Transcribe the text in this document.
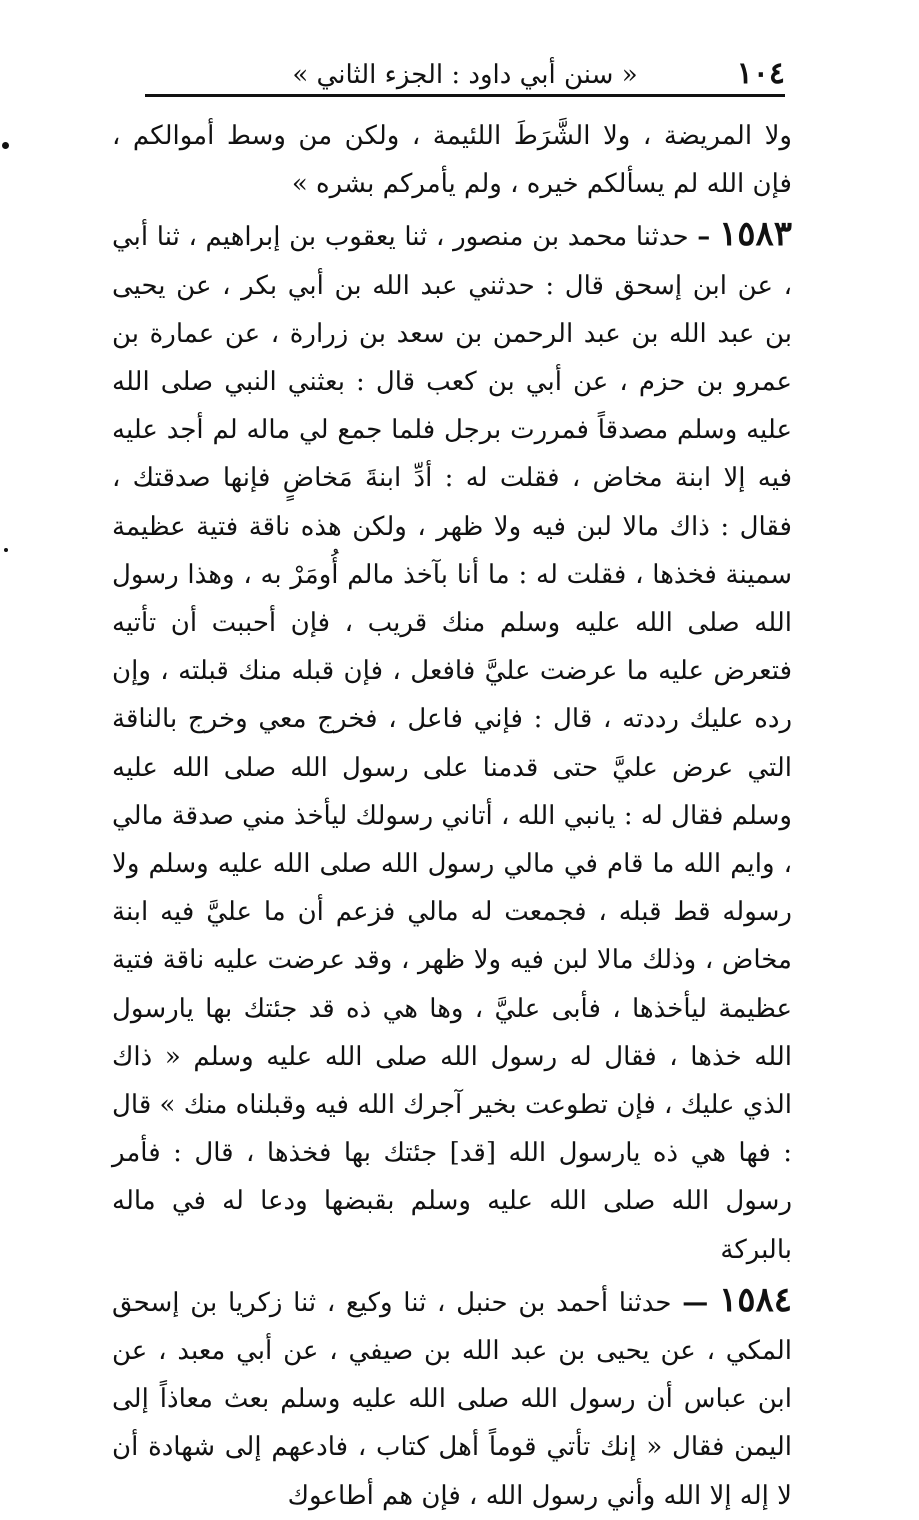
١٠٤
« سنن أبي داود : الجزء الثاني »

ولا المريضة ، ولا الشَّرَطَ اللئيمة ، ولكن من وسط أموالكم ، فإن الله لم يسألكم خيره ، ولم يأمركم بشره »

١٥٨٣ – حدثنا محمد بن منصور ، ثنا يعقوب بن إبراهيم ، ثنا أبي ، عن ابن إسحق قال : حدثني عبد الله بن أبي بكر ، عن يحيى بن عبد الله بن عبد الرحمن بن سعد بن زرارة ، عن عمارة بن عمرو بن حزم ، عن أبي بن كعب قال : بعثني النبي صلى الله عليه وسلم مصدقاً فمررت برجل فلما جمع لي ماله لم أجد عليه فيه إلا ابنة مخاض ، فقلت له : أدِّ ابنةَ مَخاضٍ فإنها صدقتك ، فقال : ذاك مالا لبن فيه ولا ظهر ، ولكن هذه ناقة فتية عظيمة سمينة فخذها ، فقلت له : ما أنا بآخذ مالم أُومَرْ به ، وهذا رسول الله صلى الله عليه وسلم منك قريب ، فإن أحببت أن تأتيه فتعرض عليه ما عرضت عليَّ فافعل ، فإن قبله منك قبلته ، وإن رده عليك رددته ، قال : فإني فاعل ، فخرج معي وخرج بالناقة التي عرض عليَّ حتى قدمنا على رسول الله صلى الله عليه وسلم فقال له : يانبي الله ، أتاني رسولك ليأخذ مني صدقة مالي ، وايم الله ما قام في مالي رسول الله صلى الله عليه وسلم ولا رسوله قط قبله ، فجمعت له مالي فزعم أن ما عليَّ فيه ابنة مخاض ، وذلك مالا لبن فيه ولا ظهر ، وقد عرضت عليه ناقة فتية عظيمة ليأخذها ، فأبى عليَّ ، وها هي ذه قد جئتك بها يارسول الله خذها ، فقال له رسول الله صلى الله عليه وسلم « ذاك الذي عليك ، فإن تطوعت بخير آجرك الله فيه وقبلناه منك » قال : فها هي ذه يارسول الله [قد] جئتك بها فخذها ، قال : فأمر رسول الله صلى الله عليه وسلم بقبضها ودعا له في ماله بالبركة

١٥٨٤ — حدثنا أحمد بن حنبل ، ثنا وكيع ، ثنا زكريا بن إسحق المكي ، عن يحيى بن عبد الله بن صيفي ، عن أبي معبد ، عن ابن عباس أن رسول الله صلى الله عليه وسلم بعث معاذاً إلى اليمن فقال « إنك تأتي قوماً أهل كتاب ، فادعهم إلى شهادة أن لا إله إلا الله وأني رسول الله ، فإن هم أطاعوك
